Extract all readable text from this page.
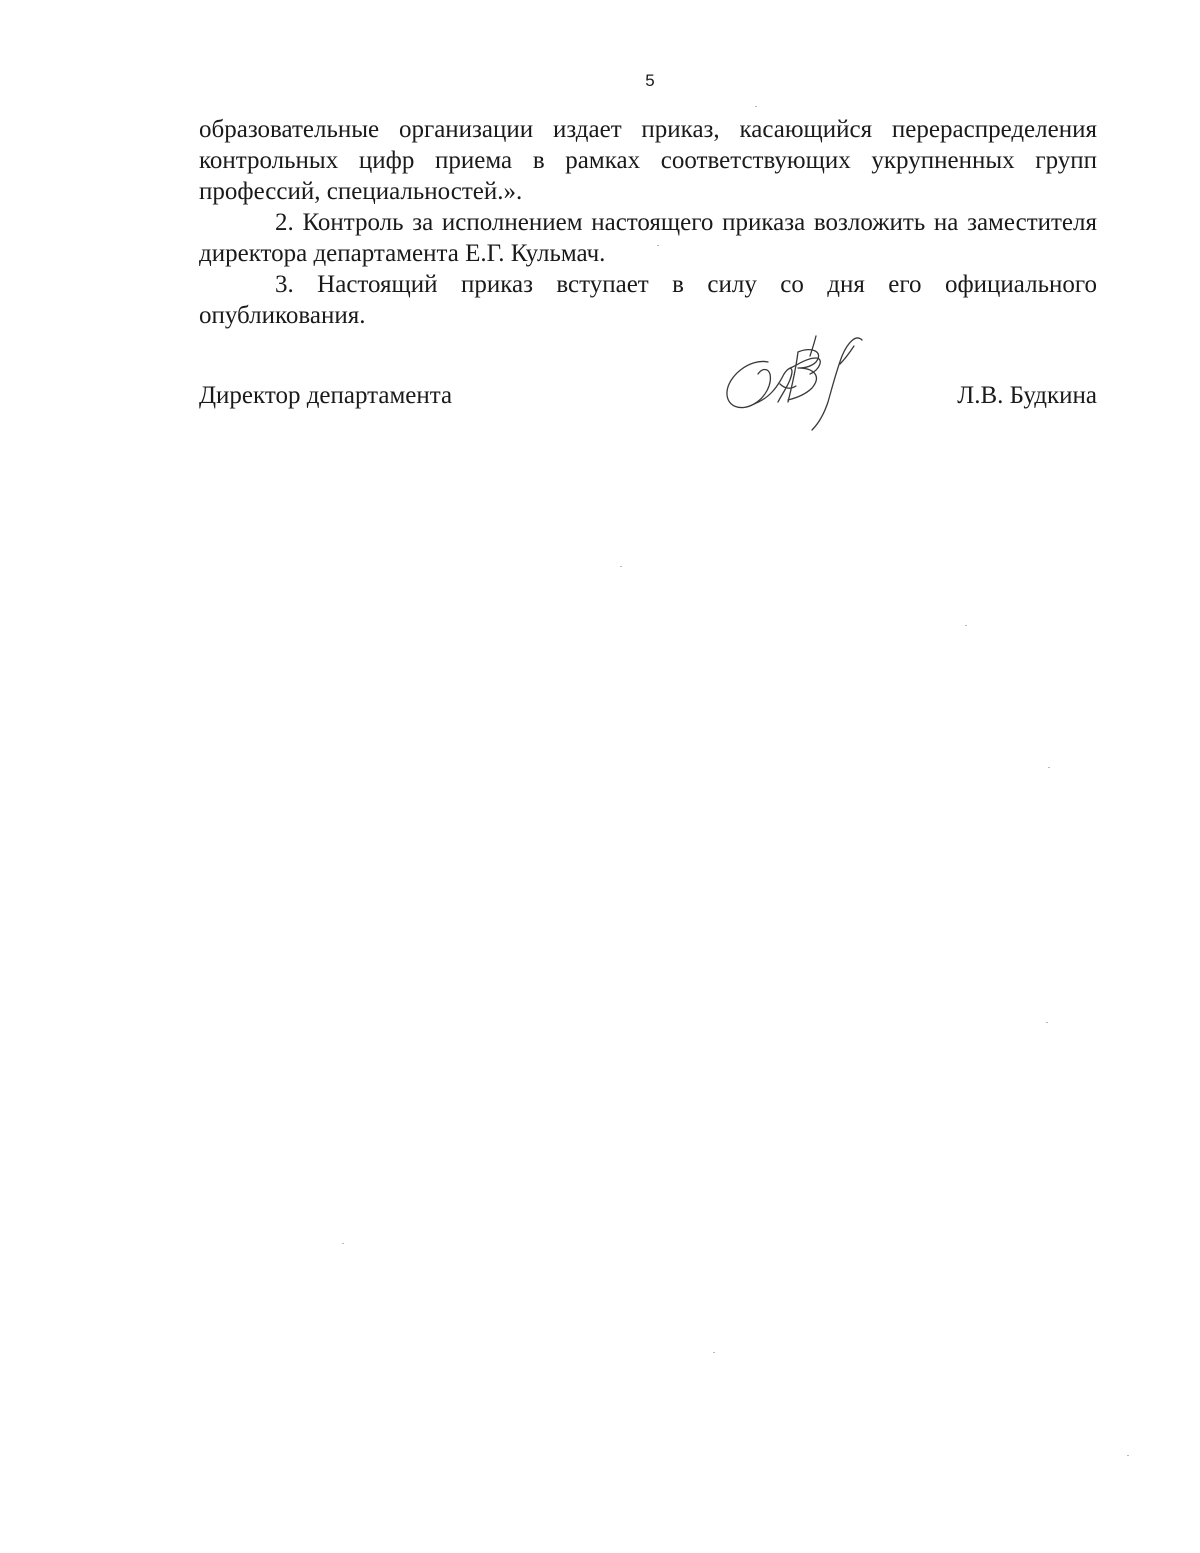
5

образовательные организации издает приказ, касающийся перераспределения контрольных цифр приема в рамках соответствующих укрупненных групп профессий, специальностей.».

2. Контроль за исполнением настоящего приказа возложить на заместителя директора департамента Е.Г. Кульмач.

3. Настоящий приказ вступает в силу со дня его официального опубликования.

Директор департамента	Л.В. Будкина
